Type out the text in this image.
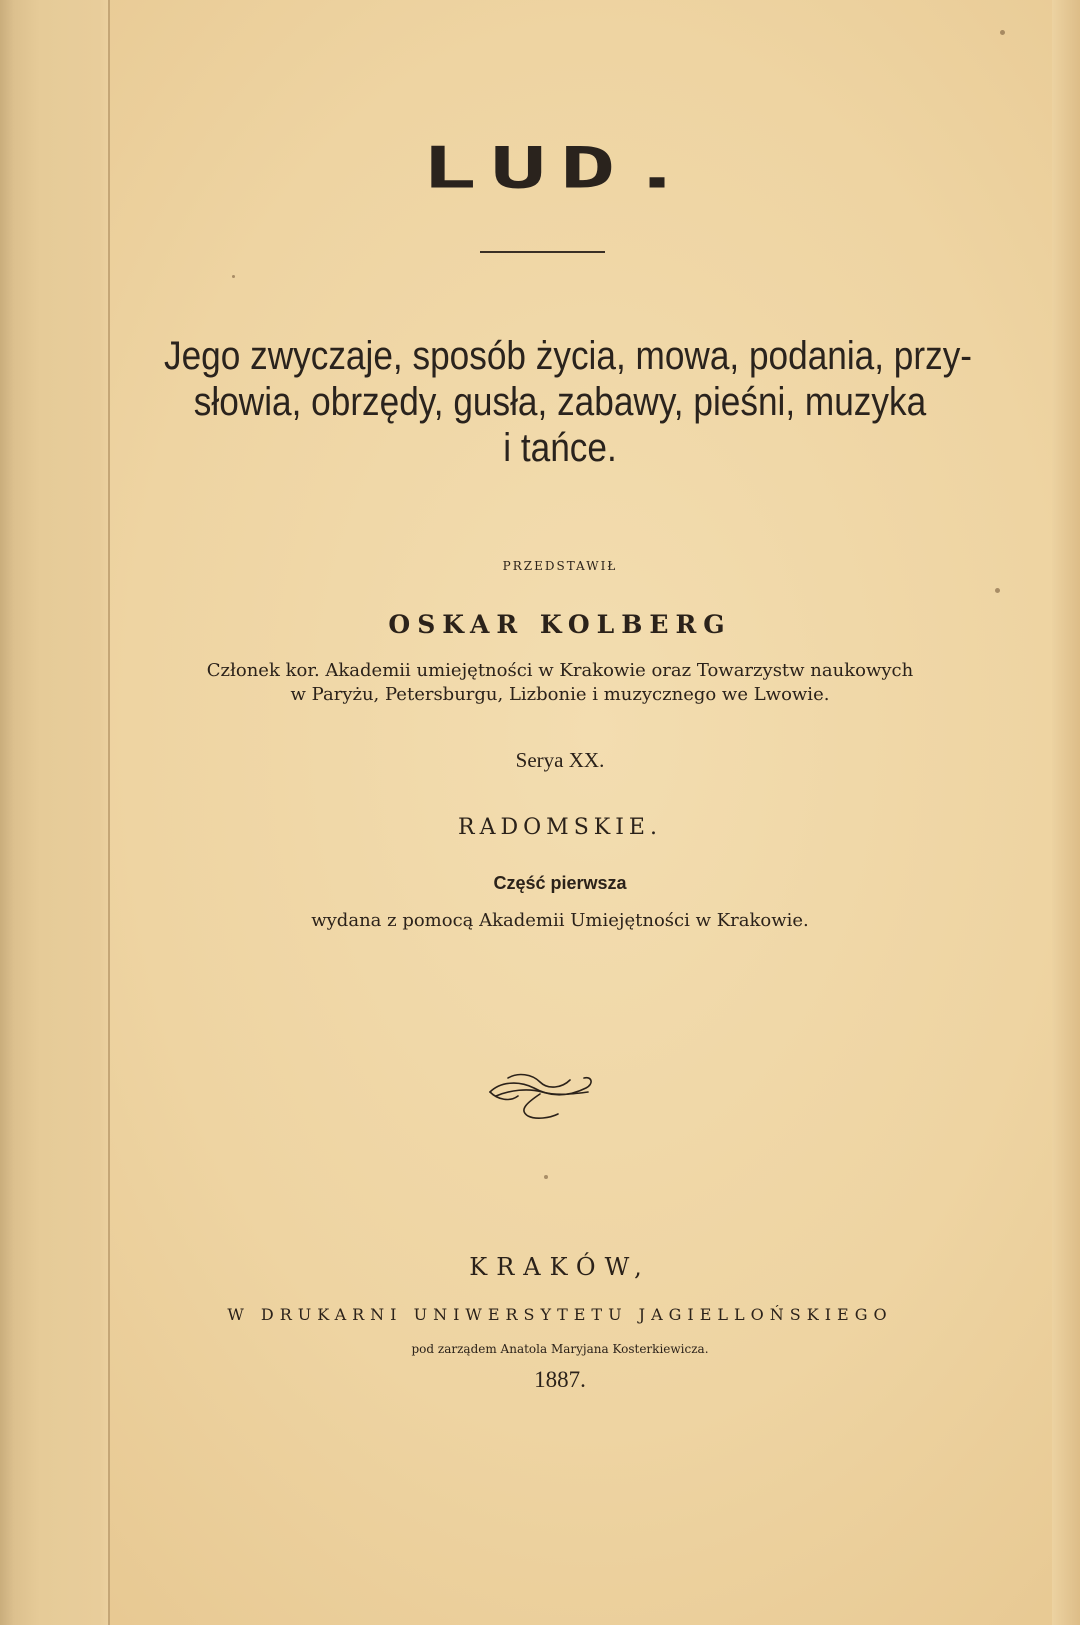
LUD.
Jego zwyczaje, sposób życia, mowa, podania, przy-
słowia, obrzędy, gusła, zabawy, pieśni, muzyka
i tańce.
PRZEDSTAWIŁ
OSKAR KOLBERG
Członek kor. Akademii umiejętności w Krakowie oraz Towarzystw naukowych
w Paryżu, Petersburgu, Lizbonie i muzycznego we Lwowie.
Serya XX.
RADOMSKIE.
Część pierwsza
wydana z pomocą Akademii Umiejętności w Krakowie.
KRAKÓW,
W DRUKARNI UNIWERSYTETU JAGIELLOŃSKIEGO
pod zarządem Anatola Maryjana Kosterkiewicza.
1887.
